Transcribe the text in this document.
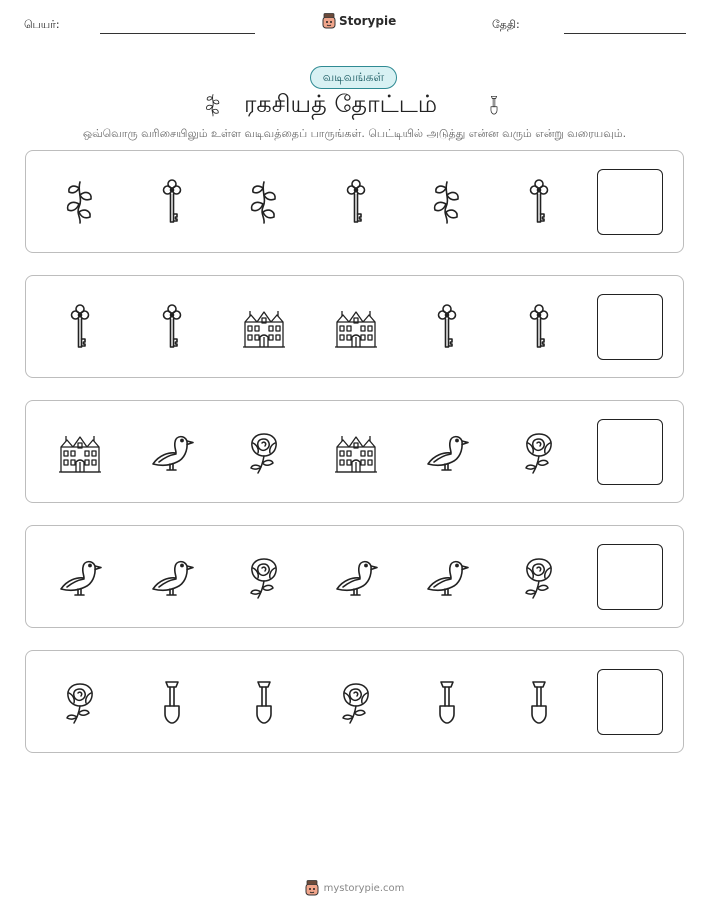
பெயர்:	Storypie	தேதி:
வடிவங்கள்
ரகசியத் தோட்டம்
ஒவ்வொரு வரிசையிலும் உள்ள வடிவத்தைப் பாருங்கள். பெட்டியில் அடுத்து என்ன வரும் என்று வரையவும்.
mystorypie.com
